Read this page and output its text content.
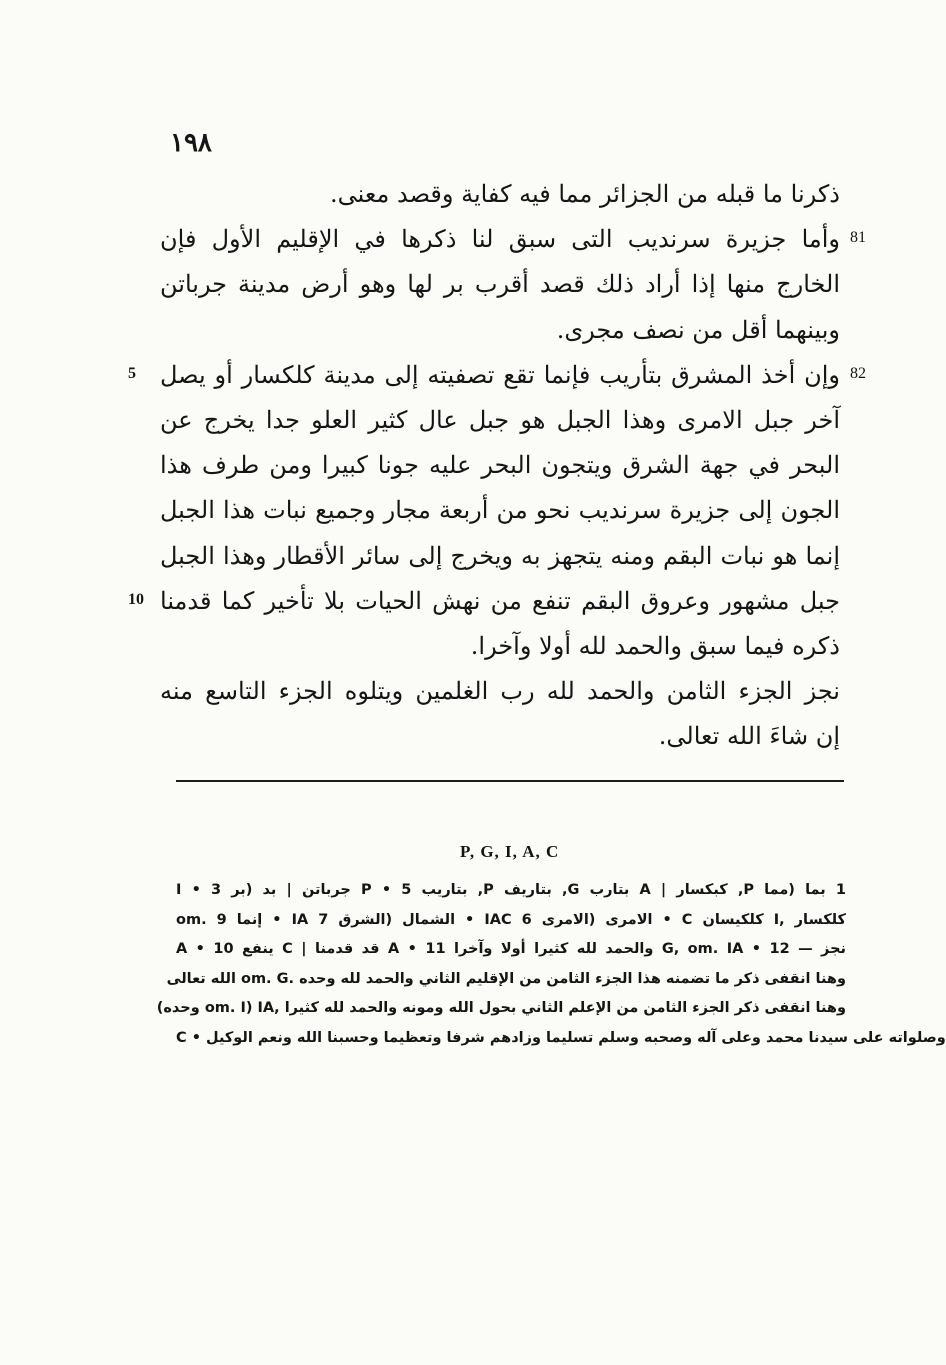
١٩٨
ذكرنا ما قبله من الجزائر مما فيه كفاية وقصد معنى.
وأما جزيرة سرنديب التى سبق لنا ذكرها في الإقليم الأول فإن 81
الخارج منها إذا أراد ذلك قصد أقرب بر لها وهو أرض مدينة جرباتن
وبينهما أقل من نصف مجرى.
وإن أخذ المشرق بتأريب فإنما تقع تصفيته إلى مدينة كلكسار أو يصل 82
5
آخر جبل الامرى وهذا الجبل هو جبل عال كثير العلو جدا يخرج عن
البحر في جهة الشرق ويتجون البحر عليه جونا كبيرا ومن طرف هذا
الجون إلى جزيرة سرنديب نحو من أربعة مجار وجميع نبات هذا الجبل
إنما هو نبات البقم ومنه يتجهز به ويخرج إلى سائر الأقطار وهذا الجبل
جبل مشهور وعروق البقم تنفع من نهش الحيات بلا تأخير كما قدمنا
10
ذكره فيما سبق والحمد لله أولا وآخرا.
نجز الجزء الثامن والحمد لله رب الغلمين ويتلوه الجزء التاسع منه
إن شاءَ الله تعالى.
P, G, I, A, C
1 بما (مما P, كبكسار | A بتارب G, بتاريف P, بتاريب 5 • P جرباتن | بد (بر 3 • I
om. إنما 9 • IA الشمال (الشرق 7 • IAC الامرى (الامرى 6 • C كلكيسان I, كلكسار
نجز — 12 • G, om. IA والحمد لله كثيرا أولا وآخرا 11 • A قد قدمنا | C ينفع 10 • A
وهنا انقفى ذكر ما تضمنه هذا الجزء الثامن من الإقليم الثاني والحمد لله وحده .om. G الله تعالى
وهنا انقفى ذكر الجزء الثامن من الإعلم الثاني بحول الله ومونه والحمد لله كثيرا ,om. I) IA وحده)
C • وصلواته على سيدنا محمد وعلى آله وصحبه وسلم تسليما وزادهم شرفا وتعظيما وحسبنا الله ونعم الوكيل
